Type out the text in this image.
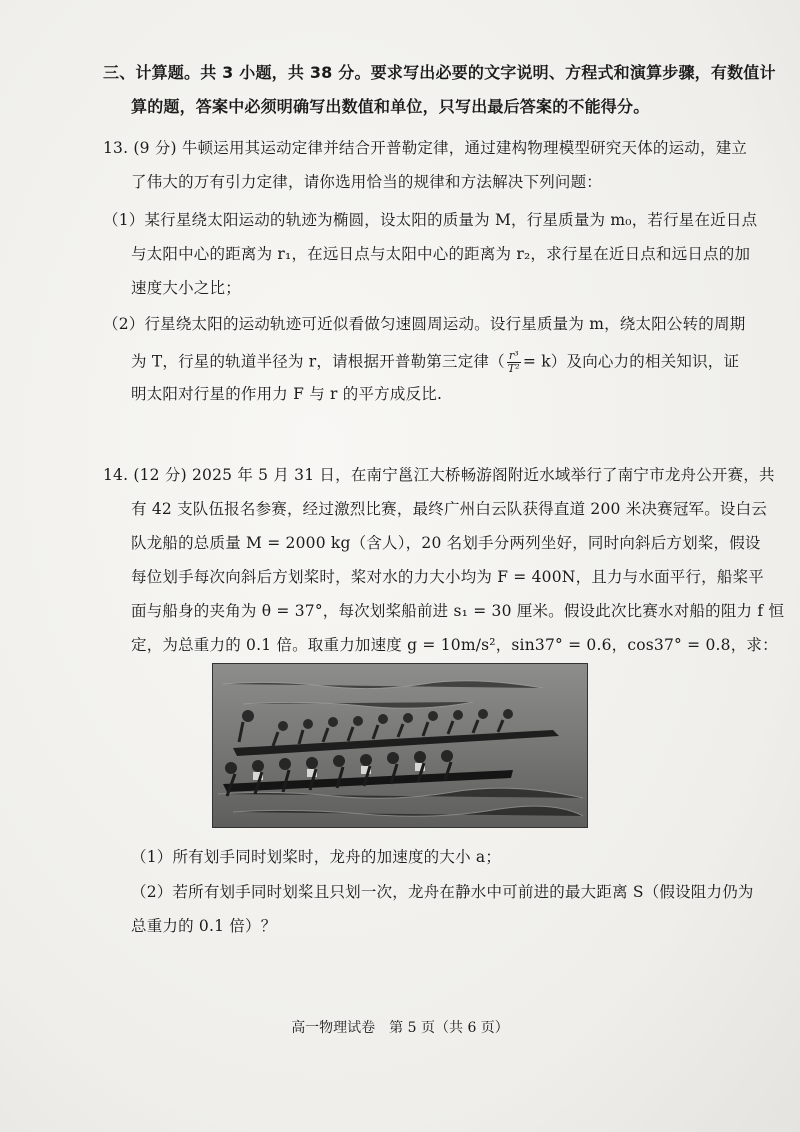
三、计算题。共 3 小题，共 38 分。要求写出必要的文字说明、方程式和演算步骤，有数值计
算的题，答案中必须明确写出数值和单位，只写出最后答案的不能得分。
13. (9 分) 牛顿运用其运动定律并结合开普勒定律，通过建构物理模型研究天体的运动，建立
了伟大的万有引力定律，请你选用恰当的规律和方法解决下列问题：
（1）某行星绕太阳运动的轨迹为椭圆，设太阳的质量为 M，行星质量为 m₀，若行星在近日点
与太阳中心的距离为 r₁，在远日点与太阳中心的距离为 r₂，求行星在近日点和远日点的加
速度大小之比；
（2）行星绕太阳的运动轨迹可近似看做匀速圆周运动。设行星质量为 m，绕太阳公转的周期
为 T，行星的轨道半径为 r，请根据开普勒第三定律（ $\frac{\text{r³}}{\text{T²}} = k$）及向心力的相关知识，证
明太阳对行星的作用力 F 与 r 的平方成反比.
14. (12 分) 2025 年 5 月 31 日，在南宁邕江大桥畅游阁附近水域举行了南宁市龙舟公开赛，共
有 42 支队伍报名参赛，经过激烈比赛，最终广州白云队获得直道 200 米决赛冠军。设白云
队龙船的总质量 M = 2000 kg（含人），20 名划手分两列坐好，同时向斜后方划桨，假设
每位划手每次向斜后方划桨时，桨对水的力大小均为 F = 400N，且力与水面平行，船桨平
面与船身的夹角为 θ = 37°，每次划桨船前进 s₁ = 30 厘米。假设此次比赛水对船的阻力 f 恒
定，为总重力的 0.1 倍。取重力加速度 g = 10m/s²，sin37° = 0.6，cos37° = 0.8，求：
（1）所有划手同时划桨时，龙舟的加速度的大小 a；
（2）若所有划手同时划桨且只划一次，龙舟在静水中可前进的最大距离 S（假设阻力仍为
总重力的 0.1 倍）？
高一物理试卷　第 5 页（共 6 页）
